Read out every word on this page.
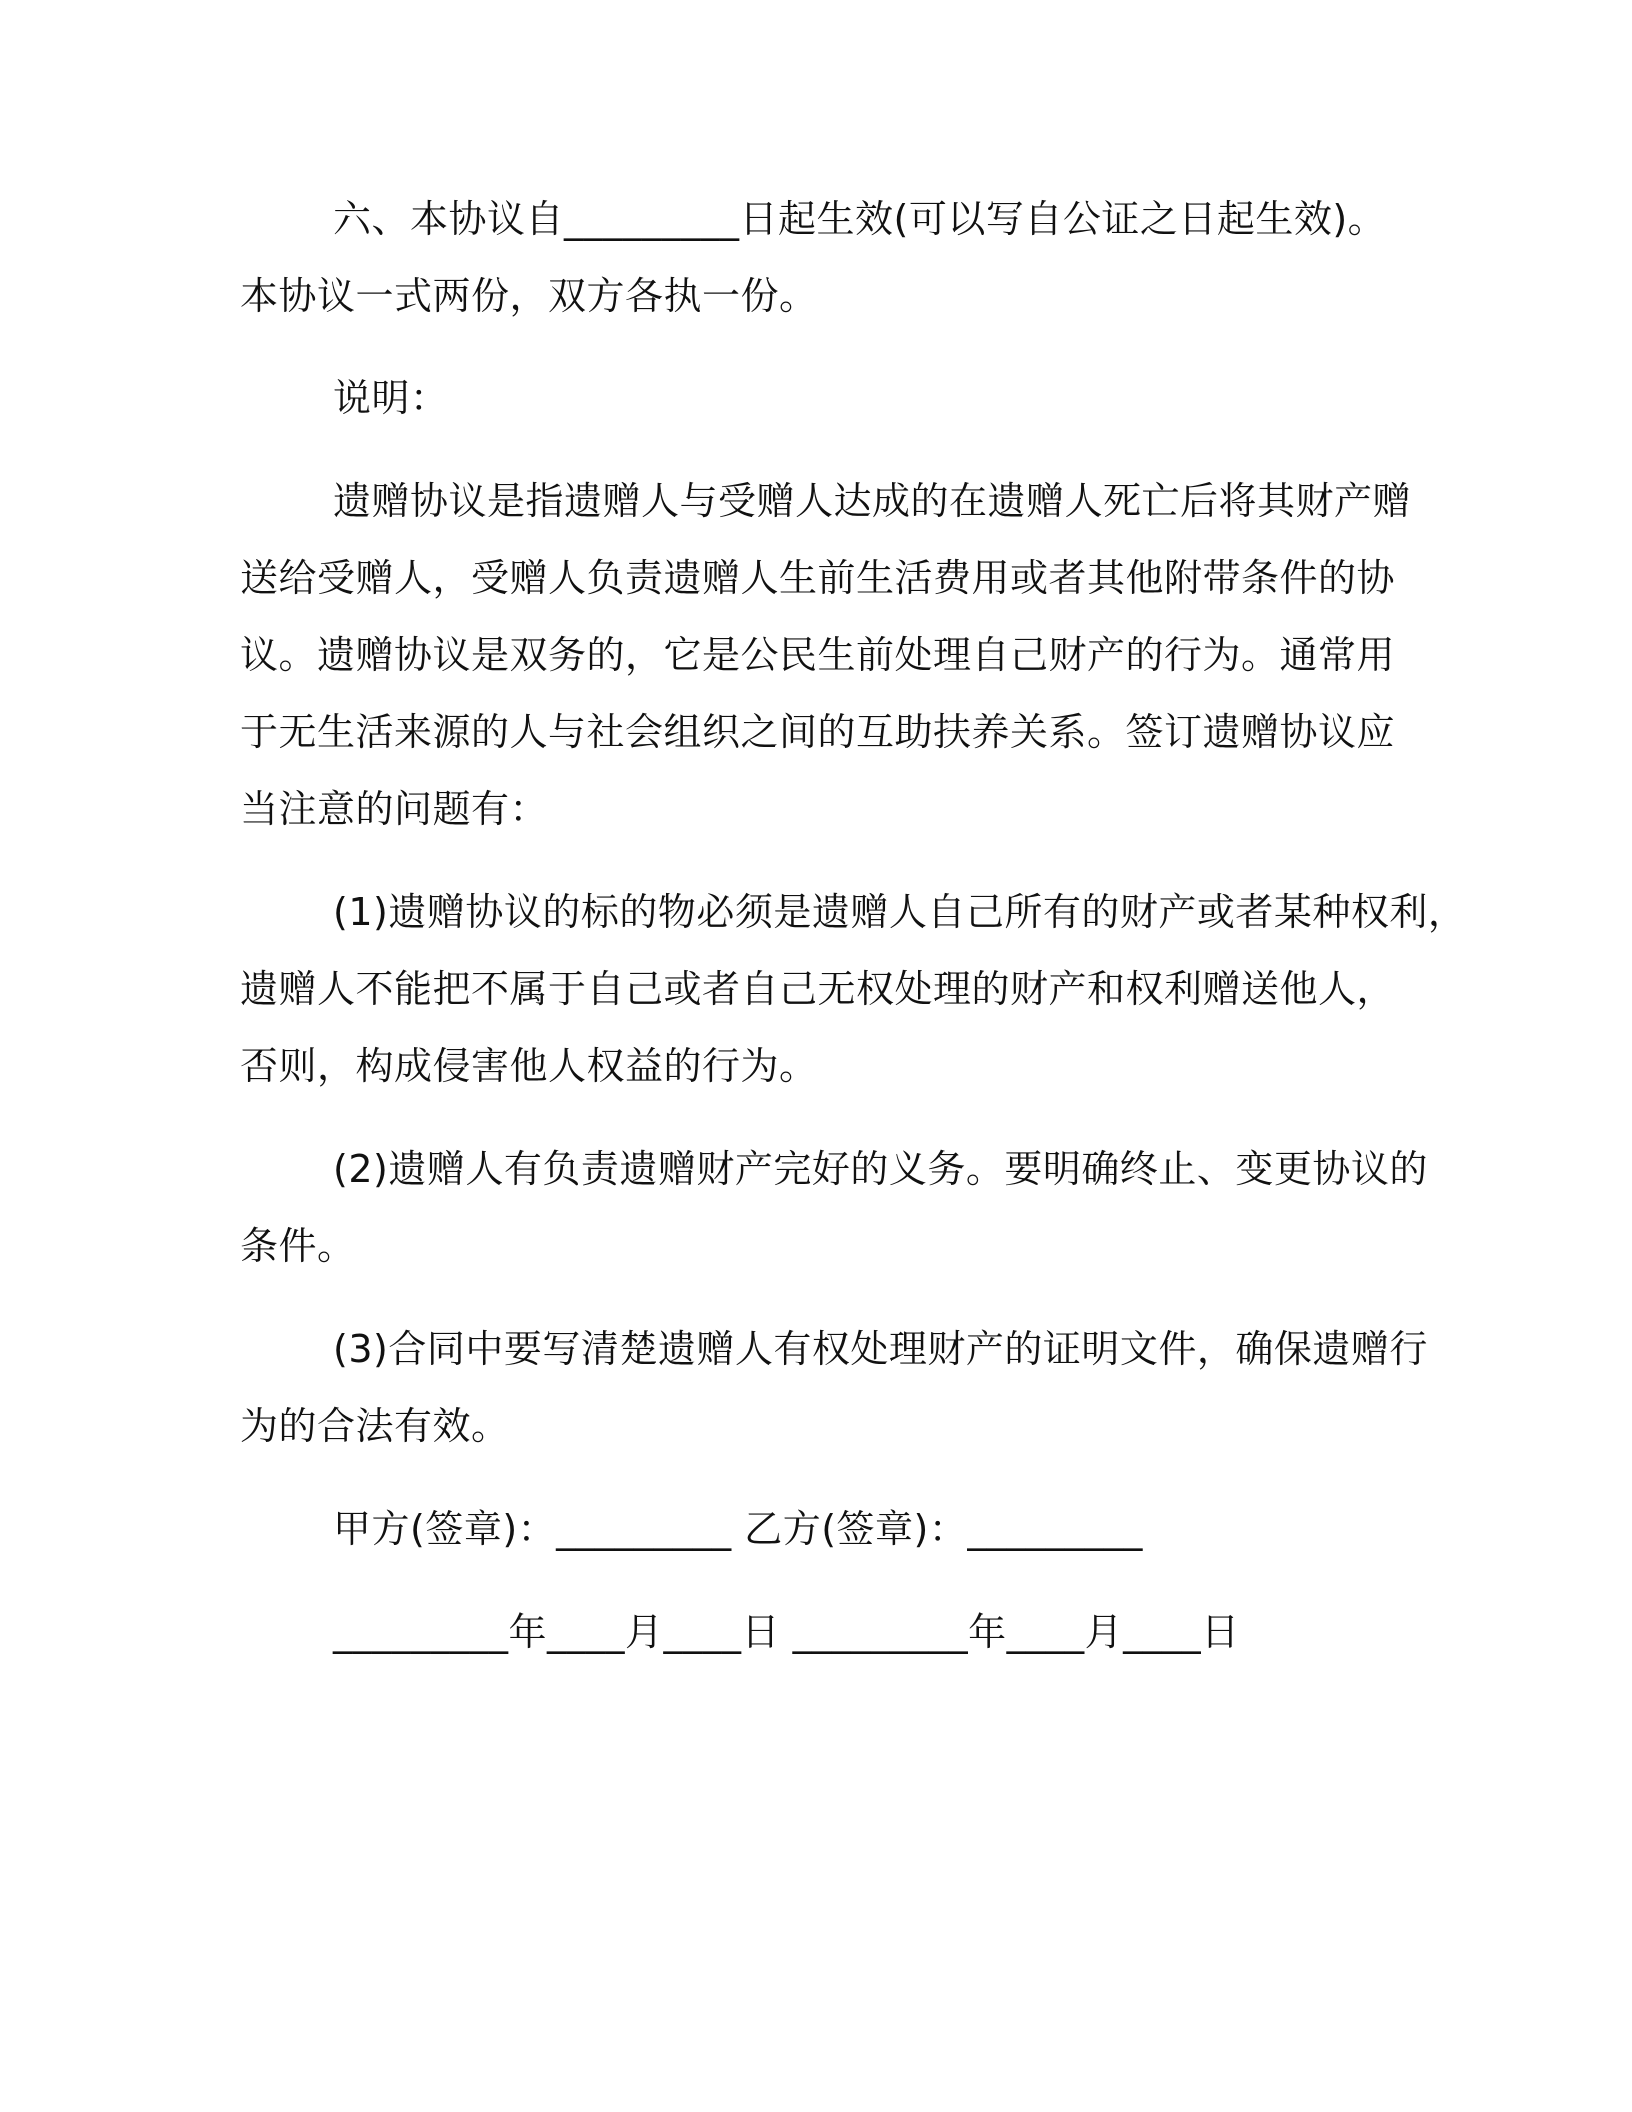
六、本协议自_________日起生效(可以写自公证之日起生效)。
本协议一式两份，双方各执一份。
说明：
遗赠协议是指遗赠人与受赠人达成的在遗赠人死亡后将其财产赠
送给受赠人，受赠人负责遗赠人生前生活费用或者其他附带条件的协
议。遗赠协议是双务的，它是公民生前处理自己财产的行为。通常用
于无生活来源的人与社会组织之间的互助扶养关系。签订遗赠协议应
当注意的问题有：
(1)遗赠协议的标的物必须是遗赠人自己所有的财产或者某种权利，
遗赠人不能把不属于自己或者自己无权处理的财产和权利赠送他人，
否则，构成侵害他人权益的行为。
(2)遗赠人有负责遗赠财产完好的义务。要明确终止、变更协议的
条件。
(3)合同中要写清楚遗赠人有权处理财产的证明文件，确保遗赠行
为的合法有效。
甲方(签章)：_________ 乙方(签章)：_________
_________年____月____日 _________年____月____日
